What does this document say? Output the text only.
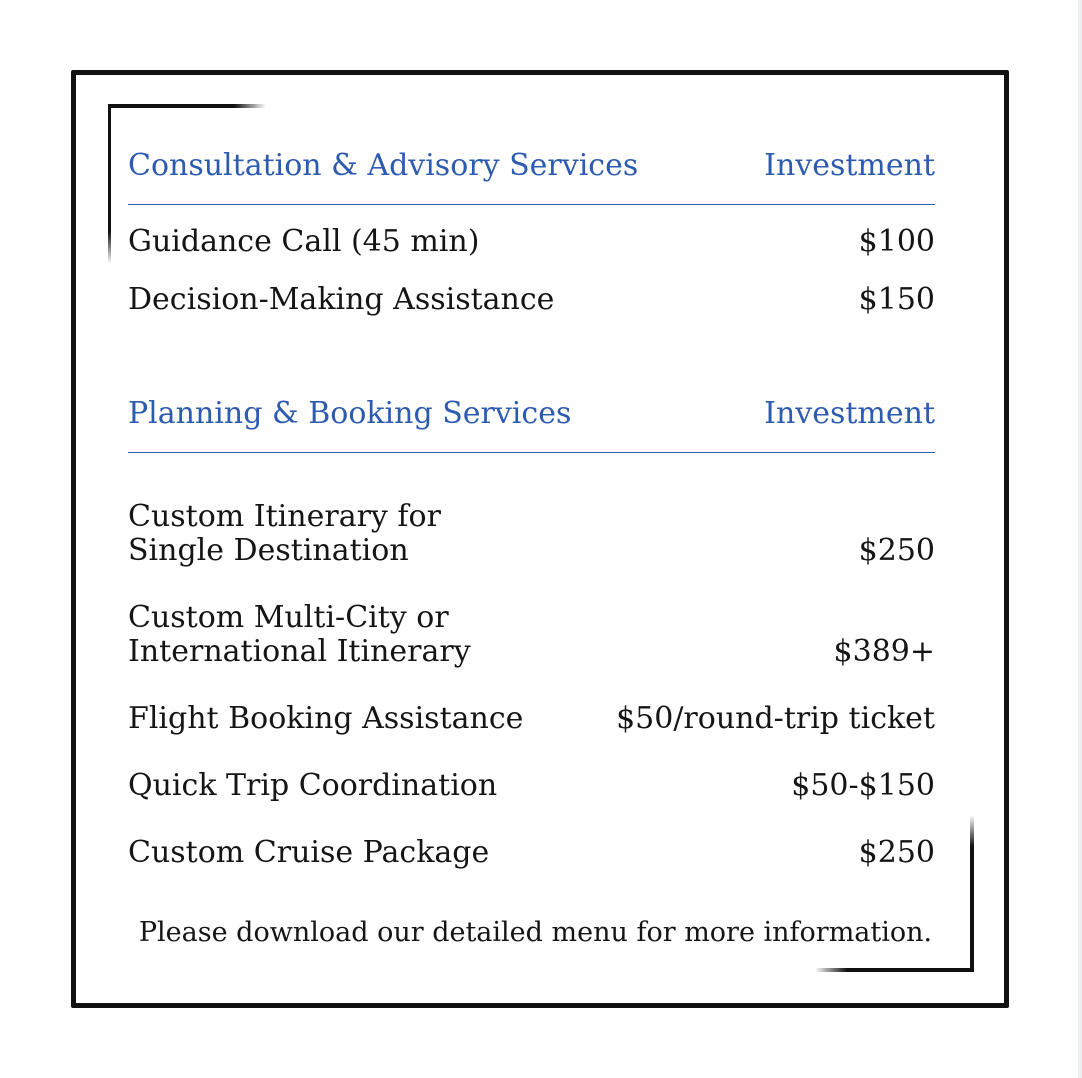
Consultation & Advisory Services	Investment
Guidance Call (45 min)	$100
Decision-Making Assistance	$150
Planning & Booking Services	Investment
Custom Itinerary for
Single Destination	$250
Custom Multi-City or
International Itinerary	$389+
Flight Booking Assistance	$50/round-trip ticket
Quick Trip Coordination	$50-$150
Custom Cruise Package	$250
Please download our detailed menu for more information.
